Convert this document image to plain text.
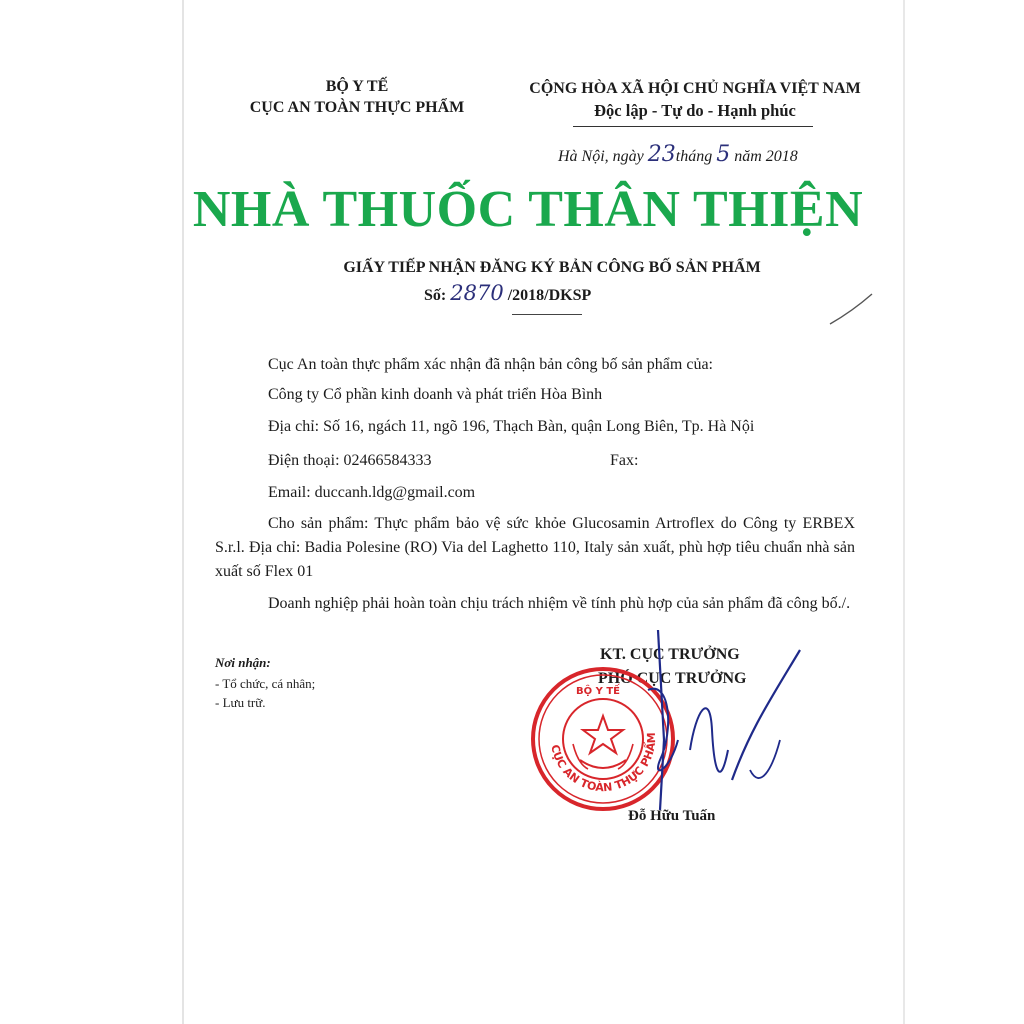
BỘ Y TẾ
CỤC AN TOÀN THỰC PHẨM
CỘNG HÒA XÃ HỘI CHỦ NGHĨA VIỆT NAM
Độc lập - Tự do - Hạnh phúc
Hà Nội, ngày 23tháng 5 năm 2018
NHÀ THUỐC THÂN THIỆN
GIẤY TIẾP NHẬN ĐĂNG KÝ BẢN CÔNG BỐ SẢN PHẨM
Số: 2870 /2018/DKSP
Cục An toàn thực phẩm xác nhận đã nhận bản công bố sản phẩm của:
Công ty Cổ phần kinh doanh và phát triển Hòa Bình
Địa chỉ: Số 16, ngách 11, ngõ 196, Thạch Bàn, quận Long Biên, Tp. Hà Nội
Điện thoại: 02466584333	Fax:
Email: duccanh.ldg@gmail.com
Cho sản phẩm: Thực phẩm bảo vệ sức khỏe Glucosamin Artroflex do Công ty ERBEX S.r.l. Địa chỉ: Badia Polesine (RO) Via del Laghetto 110, Italy sản xuất, phù hợp tiêu chuẩn nhà sản xuất số Flex 01
Doanh nghiệp phải hoàn toàn chịu trách nhiệm về tính phù hợp của sản phẩm đã công bố./.
Nơi nhận:
- Tổ chức, cá nhân;
- Lưu trữ.
KT. CỤC TRƯỞNG
PHÓ CỤC TRƯỞNG
CỤC AN TOÀN THỰC PHẨM
BỘ Y TẾ
Đỗ Hữu Tuấn
